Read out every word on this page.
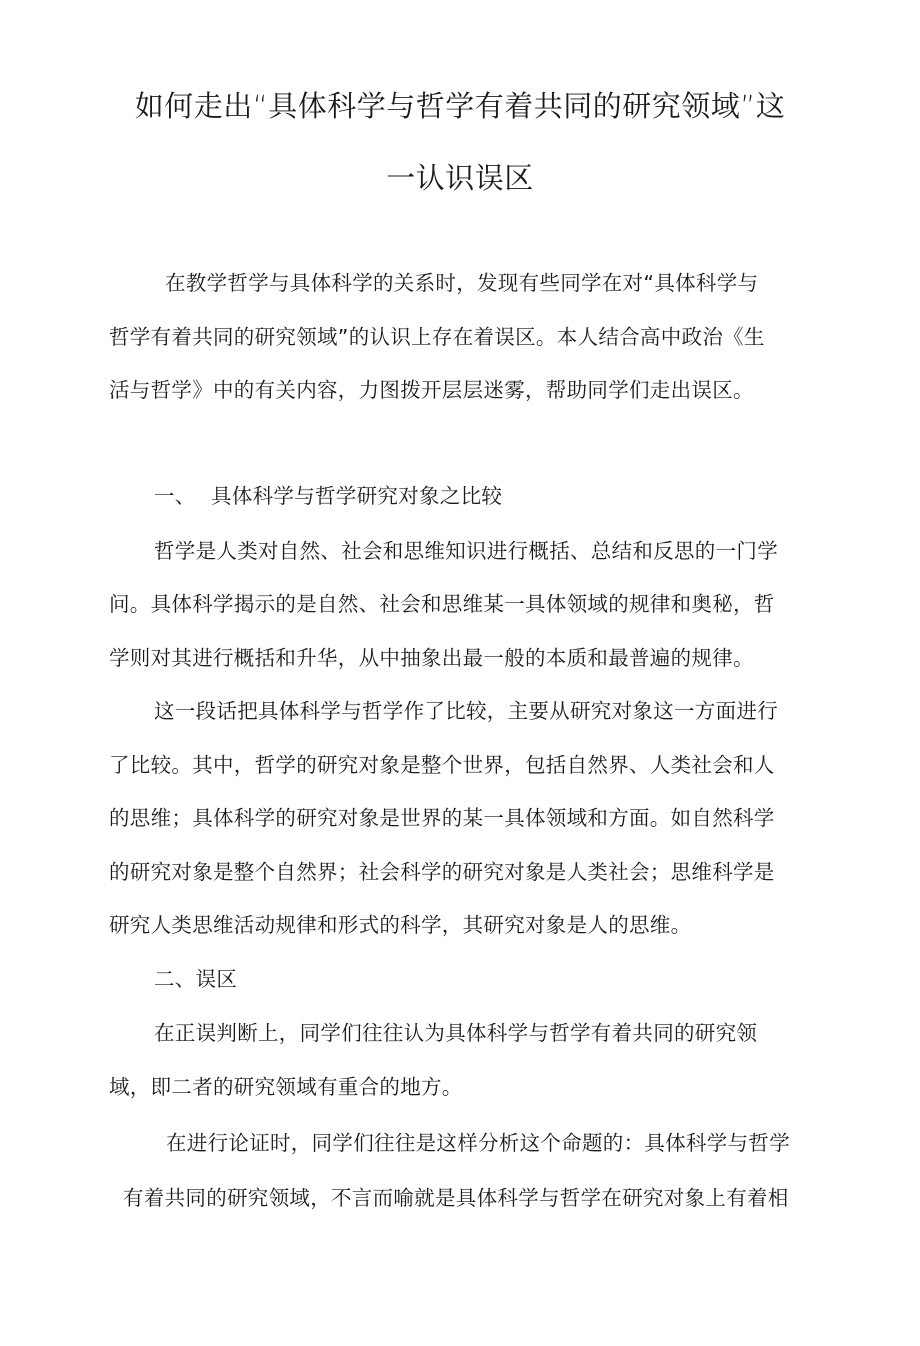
如何走出“具体科学与哲学有着共同的研究领域”这
一认识误区
在教学哲学与具体科学的关系时，发现有些同学在对“具体科学与
哲学有着共同的研究领域”的认识上存在着误区。本人结合高中政治《生
活与哲学》中的有关内容，力图拨开层层迷雾，帮助同学们走出误区。
一、 具体科学与哲学研究对象之比较
哲学是人类对自然、社会和思维知识进行概括、总结和反思的一门学
问。具体科学揭示的是自然、社会和思维某一具体领域的规律和奥秘，哲
学则对其进行概括和升华，从中抽象出最一般的本质和最普遍的规律。
这一段话把具体科学与哲学作了比较，主要从研究对象这一方面进行
了比较。其中，哲学的研究对象是整个世界，包括自然界、人类社会和人
的思维；具体科学的研究对象是世界的某一具体领域和方面。如自然科学
的研究对象是整个自然界；社会科学的研究对象是人类社会；思维科学是
研究人类思维活动规律和形式的科学，其研究对象是人的思维。
二、误区
在正误判断上，同学们往往认为具体科学与哲学有着共同的研究领
域，即二者的研究领域有重合的地方。
在进行论证时，同学们往往是这样分析这个命题的：具体科学与哲学
有着共同的研究领域，不言而喻就是具体科学与哲学在研究对象上有着相
